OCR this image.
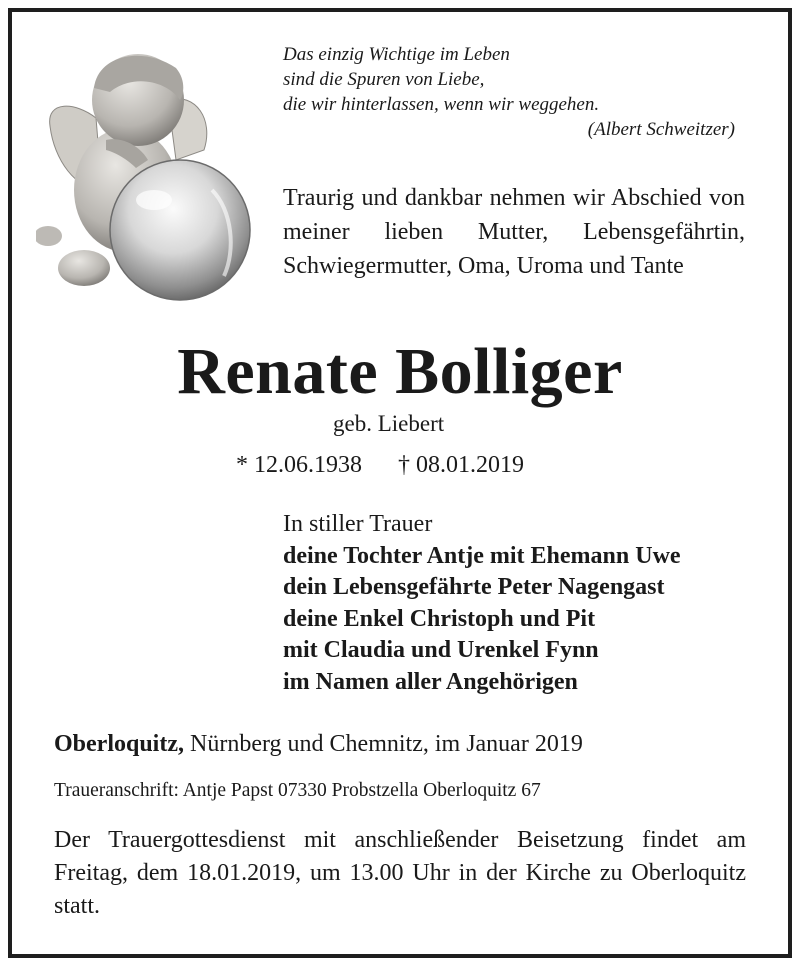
Das einzig Wichtige im Leben
sind die Spuren von Liebe,
die wir hinterlassen, wenn wir weggehen.
(Albert Schweitzer)
Traurig und dankbar nehmen wir Abschied von meiner lieben Mutter, Lebensgefährtin, Schwiegermutter, Oma, Uroma und Tante
Renate Bolliger
geb. Liebert
* 12.06.1938 † 08.01.2019
In stiller Trauer
deine Tochter Antje mit Ehemann Uwe
dein Lebensgefährte Peter Nagengast
deine Enkel Christoph und Pit
mit Claudia und Urenkel Fynn
im Namen aller Angehörigen
Oberloquitz, Nürnberg und Chemnitz, im Januar 2019
Traueranschrift: Antje Papst 07330 Probstzella Oberloquitz 67
Der Trauergottesdienst mit anschließender Beisetzung findet am Freitag, dem 18.01.2019, um 13.00 Uhr in der Kirche zu Oberloquitz statt.
